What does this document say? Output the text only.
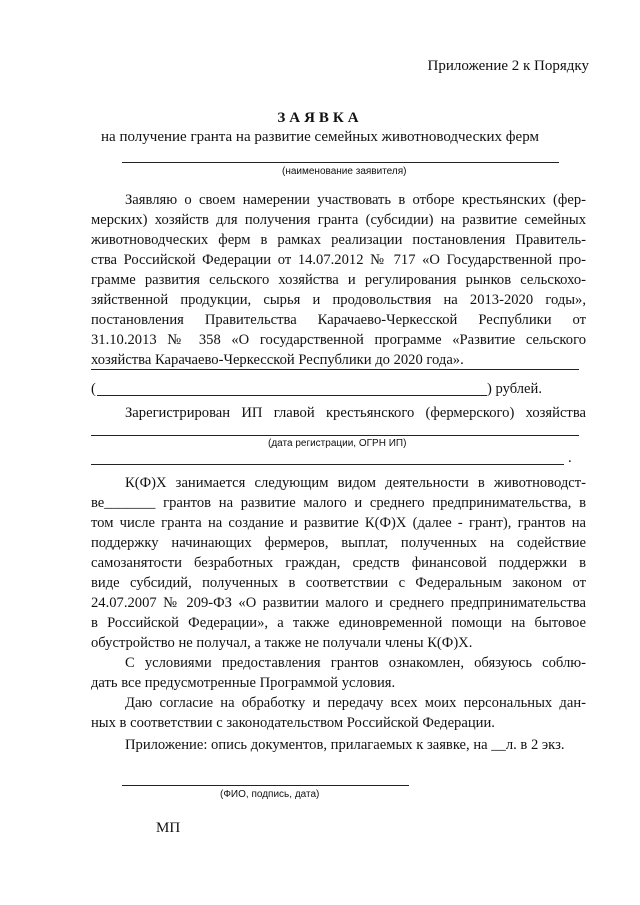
Приложение 2 к Порядку
ЗАЯВКА
на получение гранта на развитие семейных животноводческих ферм
(наименование заявителя)
Заявляю о своем намерении участвовать в отборе крестьянских (фер-
мерских) хозяйств для получения гранта (субсидии) на развитие семейных
животноводческих ферм в рамках реализации постановления Правитель-
ства Российской Федерации от 14.07.2012 № 717 «О Государственной про-
грамме развития сельского хозяйства и регулирования рынков сельскохо-
зяйственной продукции, сырья и продовольствия на 2013-2020 годы»,
постановления Правительства Карачаево-Черкесской Республики от
31.10.2013 № 358 «О государственной программе «Развитие сельского
хозяйства Карачаево-Черкесской Республики до 2020 года».
(	) рублей.
Зарегистрирован ИП главой крестьянского (фермерского) хозяйства
(дата регистрации, ОГРН ИП)
.
К(Ф)Х занимается следующим видом деятельности в животноводст-
ве_______ грантов на развитие малого и среднего предпринимательства, в
том числе гранта на создание и развитие К(Ф)Х (далее - грант), грантов на
поддержку начинающих фермеров, выплат, полученных на содействие
самозанятости безработных граждан, средств финансовой поддержки в
виде субсидий, полученных в соответствии с Федеральным законом от
24.07.2007 № 209-ФЗ «О развитии малого и среднего предпринимательства
в Российской Федерации», а также единовременной помощи на бытовое
обустройство не получал, а также не получали члены К(Ф)Х.
С условиями предоставления грантов ознакомлен, обязуюсь соблю-
дать все предусмотренные Программой условия.
Даю согласие на обработку и передачу всех моих персональных дан-
ных в соответствии с законодательством Российской Федерации.
Приложение: опись документов, прилагаемых к заявке, на __л. в 2 экз.
(ФИО, подпись, дата)
МП
